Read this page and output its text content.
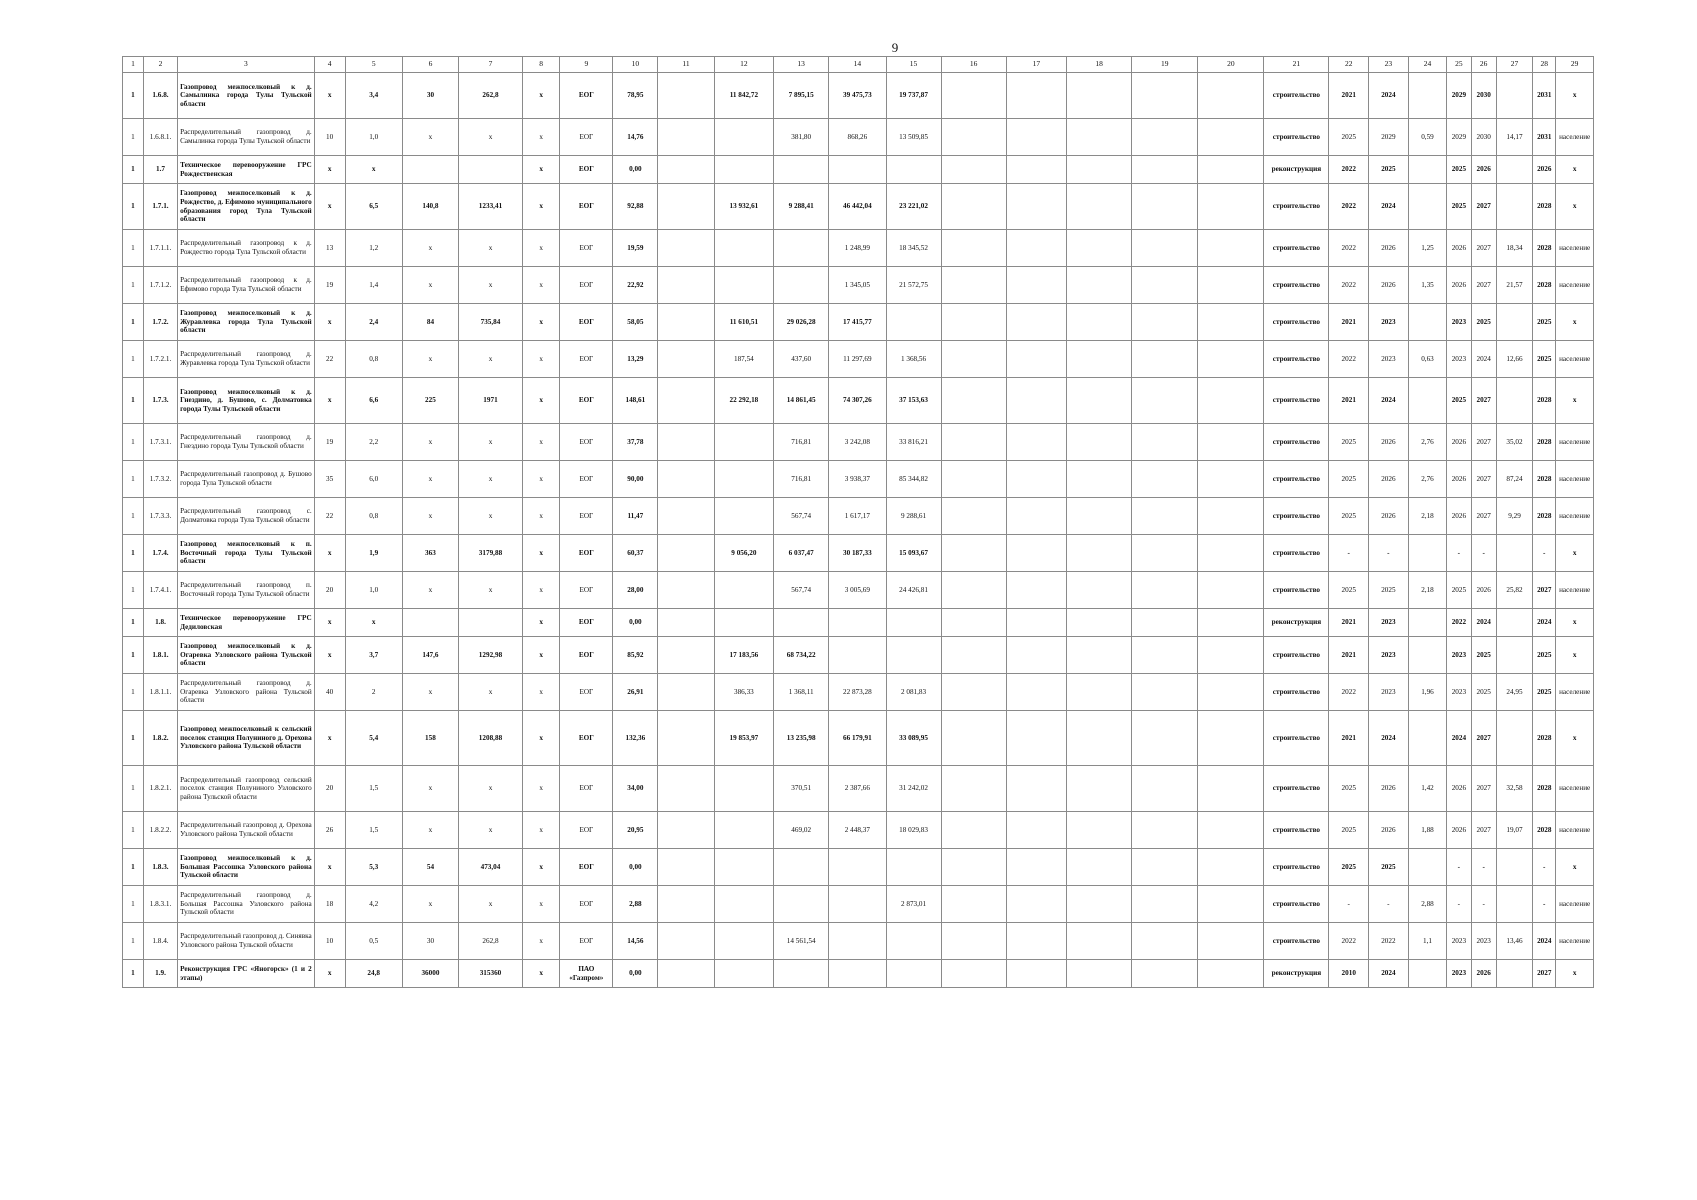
9
1	2	3	4	5	6	7	8	9	10	11	12	13	14	15	16	17	18	19	20	21	22	23	24	25	26	27	28	29
1	1.6.8.	Газопровод межпоселковый к д. Самылинка города Тулы Тульской области	x	3,4	30	262,8	x	ЕОГ	78,95		11 842,72	7 895,15	39 475,73	19 737,87						строительство	2021	2024		2029	2030		2031	x
1	1.6.8.1.	Распределительный газопровод д. Самылинка города Тулы Тульской области	10	1,0	x	x	x	ЕОГ	14,76			381,80	868,26	13 509,85						строительство	2025	2029	0,59	2029	2030	14,17	2031	население
1	1.7	Техническое перевооружение ГРС Рождественская	x	x			x	ЕОГ	0,00											реконструкция	2022	2025		2025	2026		2026	x
1	1.7.1.	Газопровод межпоселковый к д. Рождество, д. Ефимово муниципального образования город Тула Тульской области	x	6,5	140,8	1233,41	x	ЕОГ	92,88		13 932,61	9 288,41	46 442,04	23 221,02						строительство	2022	2024		2025	2027		2028	x
1	1.7.1.1.	Распределительный газопровод к д. Рождество города Тула Тульской области	13	1,2	x	x	x	ЕОГ	19,59				1 248,99	18 345,52						строительство	2022	2026	1,25	2026	2027	18,34	2028	население
1	1.7.1.2.	Распределительный газопровод к д. Ефимово города Тула Тульской области	19	1,4	x	x	x	ЕОГ	22,92				1 345,05	21 572,75						строительство	2022	2026	1,35	2026	2027	21,57	2028	население
1	1.7.2.	Газопровод межпоселковый к д. Журавлевка города Тула Тульской области	x	2,4	84	735,84	x	ЕОГ	58,05		11 610,51	29 026,28	17 415,77							строительство	2021	2023		2023	2025		2025	x
1	1.7.2.1.	Распределительный газопровод д. Журавлевка города Тула Тульской области	22	0,8	x	x	x	ЕОГ	13,29		187,54	437,60	11 297,69	1 368,56						строительство	2022	2023	0,63	2023	2024	12,66	2025	население
1	1.7.3.	Газопровод межпоселковый к д. Гнездино, д. Бушово, с. Долматовка города Тулы Тульской области	x	6,6	225	1971	x	ЕОГ	148,61		22 292,18	14 861,45	74 307,26	37 153,63						строительство	2021	2024		2025	2027		2028	x
1	1.7.3.1.	Распределительный газопровод д. Гнездино города Тулы Тульской области	19	2,2	x	x	x	ЕОГ	37,78			716,81	3 242,08	33 816,21						строительство	2025	2026	2,76	2026	2027	35,02	2028	население
1	1.7.3.2.	Распределительный газопровод д. Бушово города Тула Тульской области	35	6,0	x	x	x	ЕОГ	90,00			716,81	3 938,37	85 344,82						строительство	2025	2026	2,76	2026	2027	87,24	2028	население
1	1.7.3.3.	Распределительный газопровод с. Долматовка города Тула Тульской области	22	0,8	x	x	x	ЕОГ	11,47			567,74	1 617,17	9 288,61						строительство	2025	2026	2,18	2026	2027	9,29	2028	население
1	1.7.4.	Газопровод межпоселковый к п. Восточный города Тулы Тульской области	x	1,9	363	3179,88	x	ЕОГ	60,37		9 056,20	6 037,47	30 187,33	15 093,67						строительство	-	-		-	-		-	x
1	1.7.4.1.	Распределительный газопровод п. Восточный города Тулы Тульской области	20	1,0	x	x	x	ЕОГ	28,00			567,74	3 005,69	24 426,81						строительство	2025	2025	2,18	2025	2026	25,82	2027	население
1	1.8.	Техническое перевооружение ГРС Дедиловская	x	x			x	ЕОГ	0,00											реконструкция	2021	2023		2022	2024		2024	x
1	1.8.1.	Газопровод межпоселковый к д. Огаревка Узловского района Тульской области	x	3,7	147,6	1292,98	x	ЕОГ	85,92		17 183,56	68 734,22								строительство	2021	2023		2023	2025		2025	x
1	1.8.1.1.	Распределительный газопровод д. Огаревка Узловского района Тульской области	40	2	x	x	x	ЕОГ	26,91		386,33	1 368,11	22 873,28	2 081,83						строительство	2022	2023	1,96	2023	2025	24,95	2025	население
1	1.8.2.	Газопровод межпоселковый к сельский поселок станция Полуниного д. Орехова Узловского района Тульской области	x	5,4	158	1208,88	x	ЕОГ	132,36		19 853,97	13 235,98	66 179,91	33 089,95						строительство	2021	2024		2024	2027		2028	x
1	1.8.2.1.	Распределительный газопровод сельский поселок станция Полуниного Узловского района Тульской области	20	1,5	x	x	x	ЕОГ	34,00			370,51	2 387,66	31 242,02						строительство	2025	2026	1,42	2026	2027	32,58	2028	население
1	1.8.2.2.	Распределительный газопровод д. Орехова Узловского района Тульской области	26	1,5	x	x	x	ЕОГ	20,95			469,02	2 448,37	18 029,83						строительство	2025	2026	1,88	2026	2027	19,07	2028	население
1	1.8.3.	Газопровод межпоселковый к д. Большая Рассошка Узловского района Тульской области	x	5,3	54	473,04	x	ЕОГ	0,00											строительство	2025	2025		-	-		-	x
1	1.8.3.1.	Распределительный газопровод д. Большая Рассошка Узловского района Тульской области	18	4,2	x	x	x	ЕОГ	2,88					2 873,01						строительство	-	-	2,88	-	-		-	население
1	1.8.4.	Распределительный газопровод д. Синявка Узловского района Тульской области	10	0,5	30	262,8	x	ЕОГ	14,56			14 561,54								строительство	2022	2022	1,1	2023	2023	13,46	2024	население
1	1.9.	Реконструкция ГРС «Яногорск» (1 и 2 этапы)	x	24,8	36000	315360	x	ПАО «Газпром»	0,00											реконструкция	2010	2024		2023	2026		2027	x
